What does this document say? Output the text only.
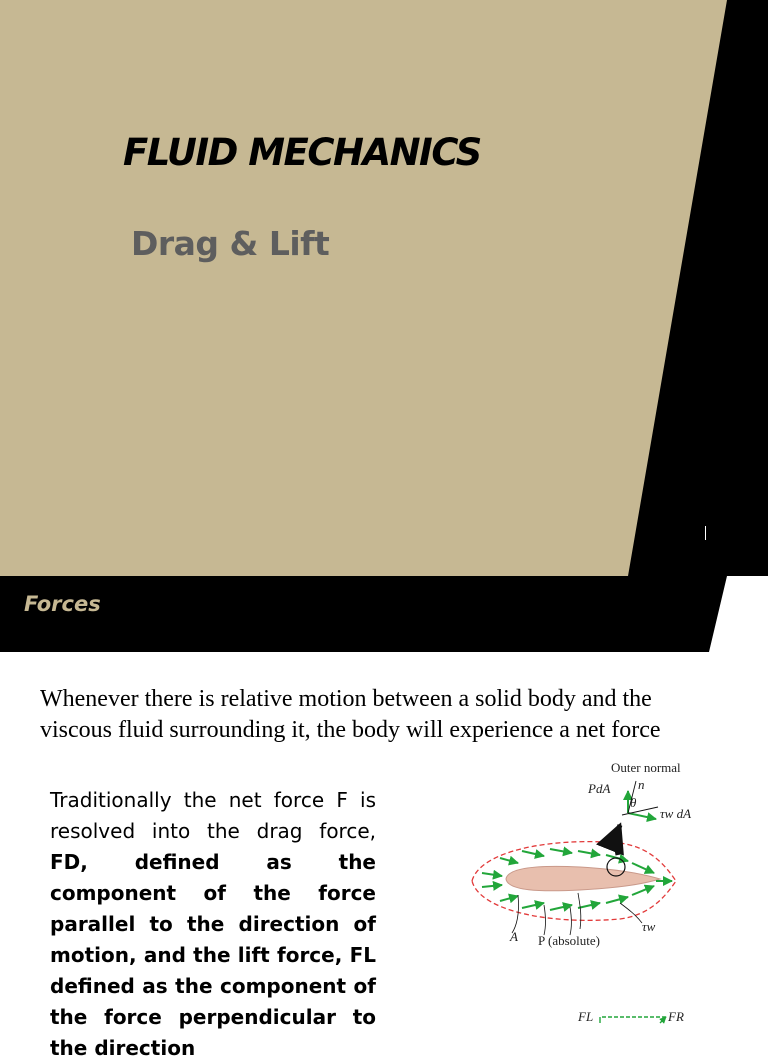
FLUID MECHANICS
Drag & Lift
Forces

Whenever there is relative motion between a solid body and the viscous fluid surrounding it, the body will experience a net force

Traditionally the net force F is resolved into the drag force, FD, defined as the component of the force parallel to the direction of motion, and the lift force, FL defined as the component of the force perpendicular to the direction

Outer normal
PdA n
θ
τw dA
τw
A P (absolute)
FL	FR
